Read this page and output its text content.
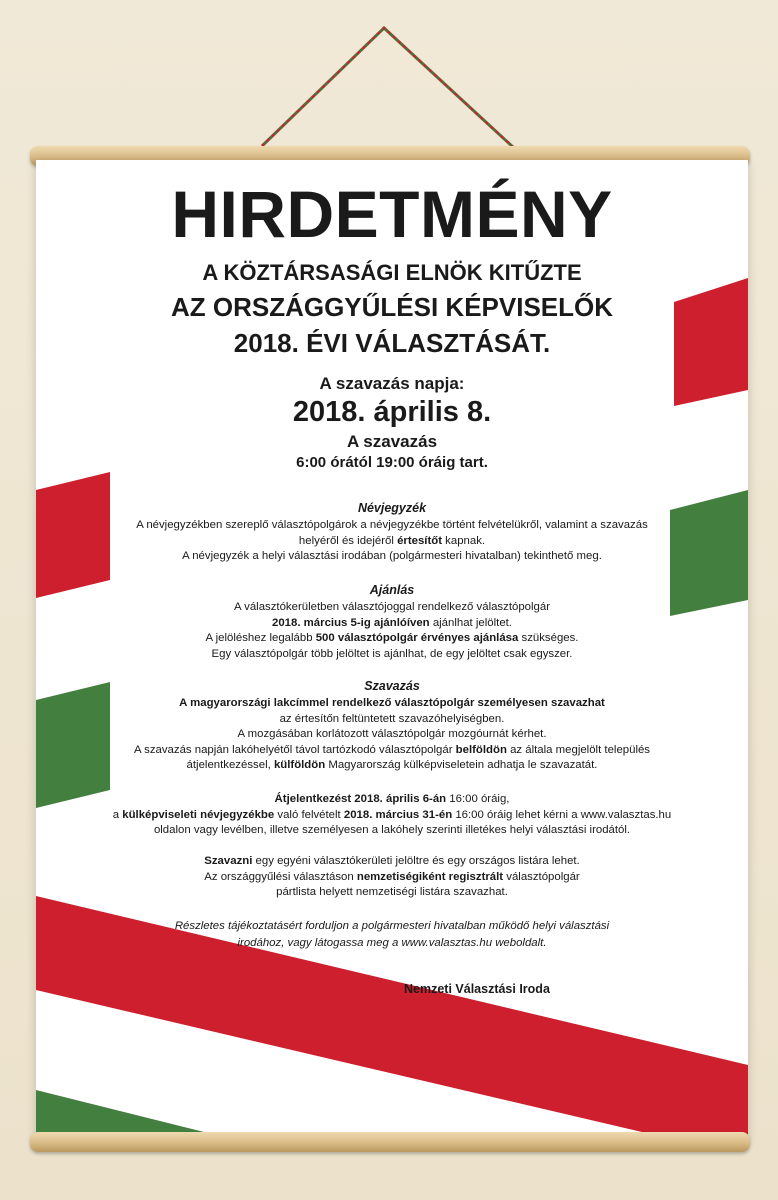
HIRDETMÉNY
A KÖZTÁRSASÁGI ELNÖK KITŰZTE
AZ ORSZÁGGYŰLÉSI KÉPVISELŐK
2018. ÉVI VÁLASZTÁSÁT.
A szavazás napja:
2018. április 8.
A szavazás
6:00 órától 19:00 óráig tart.
Névjegyzék

A névjegyzékben szereplő választópolgárok a névjegyzékbe történt felvételükről, valamint a szavazás

helyéről és idejéről értesítőt kapnak.

A névjegyzék a helyi választási irodában (polgármesteri hivatalban) tekinthető meg.

Ajánlás

A választókerületben választójoggal rendelkező választópolgár

2018. március 5-ig ajánlóíven ajánlhat jelöltet.

A jelöléshez legalább 500 választópolgár érvényes ajánlása szükséges.

Egy választópolgár több jelöltet is ajánlhat, de egy jelöltet csak egyszer.

Szavazás

A magyarországi lakcímmel rendelkező választópolgár személyesen szavazhat

az értesítőn feltüntetett szavazóhelyiségben.

A mozgásában korlátozott választópolgár mozgóurnát kérhet.

A szavazás napján lakóhelyétől távol tartózkodó választópolgár belföldön az általa megjelölt település

átjelentkezéssel, külföldön Magyarország külképviseletein adhatja le szavazatát.

Átjelentkezést 2018. április 6-án 16:00 óráig,

a külképviseleti névjegyzékbe való felvételt 2018. március 31-én 16:00 óráig lehet kérni a www.valasztas.hu

oldalon vagy levélben, illetve személyesen a lakóhely szerinti illetékes helyi választási irodától.

Szavazni egy egyéni választókerületi jelöltre és egy országos listára lehet.

Az országgyűlési választáson nemzetiségiként regisztrált választópolgár

pártlista helyett nemzetiségi listára szavazhat.

Részletes tájékoztatásért forduljon a polgármesteri hivatalban működő helyi választási
irodához, vagy látogassa meg a www.valasztas.hu weboldalt.
Nemzeti Választási Iroda
